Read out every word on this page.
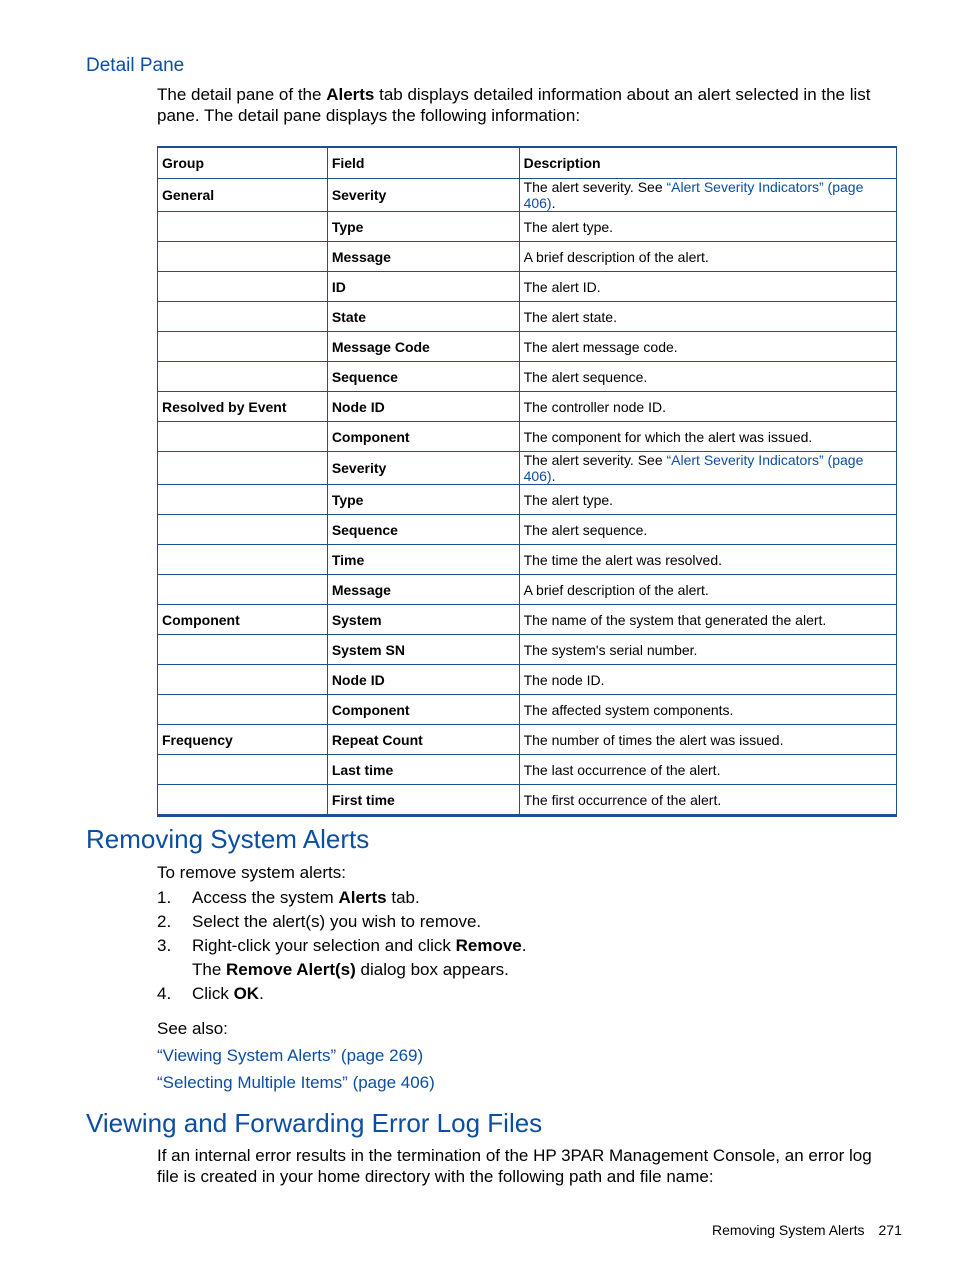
Detail Pane

The detail pane of the Alerts tab displays detailed information about an alert selected in the list pane. The detail pane displays the following information:

Group	Field	Description
General	Severity	The alert severity. See “Alert Severity Indicators” (page 406).
	Type	The alert type.
	Message	A brief description of the alert.
	ID	The alert ID.
	State	The alert state.
	Message Code	The alert message code.
	Sequence	The alert sequence.
Resolved by Event	Node ID	The controller node ID.
	Component	The component for which the alert was issued.
	Severity	The alert severity. See “Alert Severity Indicators” (page 406).
	Type	The alert type.
	Sequence	The alert sequence.
	Time	The time the alert was resolved.
	Message	A brief description of the alert.
Component	System	The name of the system that generated the alert.
	System SN	The system's serial number.
	Node ID	The node ID.
	Component	The affected system components.
Frequency	Repeat Count	The number of times the alert was issued.
	Last time	The last occurrence of the alert.
	First time	The first occurrence of the alert.
Removing System Alerts

To remove system alerts:

1. Access the system Alerts tab.
2. Select the alert(s) you wish to remove.
3. Right-click your selection and click Remove.
The Remove Alert(s) dialog box appears.
4. Click OK.
See also:
“Viewing System Alerts” (page 269)
“Selecting Multiple Items” (page 406)
Viewing and Forwarding Error Log Files

If an internal error results in the termination of the HP 3PAR Management Console, an error log file is created in your home directory with the following path and file name:

Removing System Alerts 271
